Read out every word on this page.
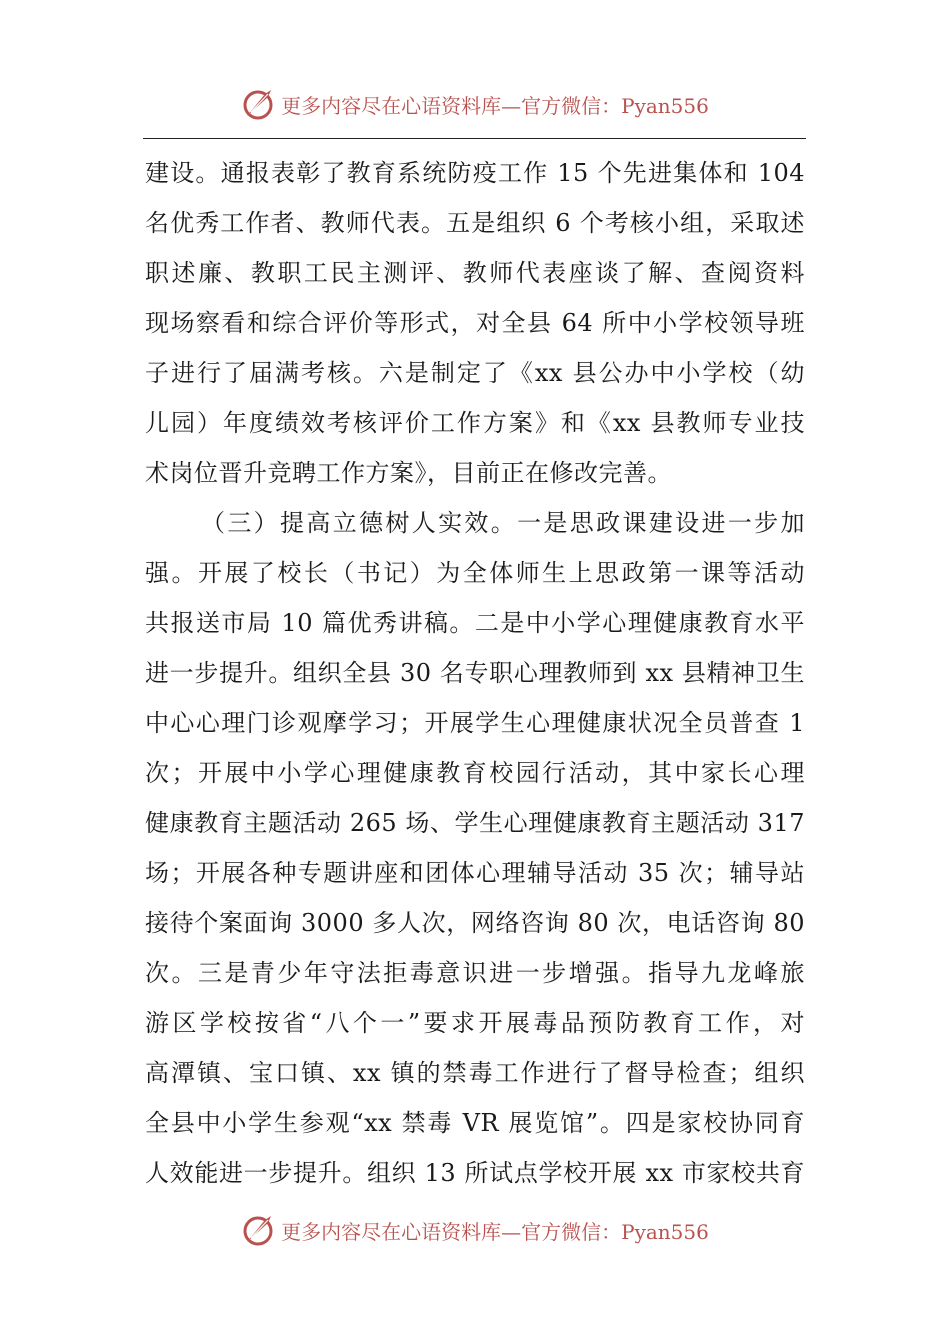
更多内容尽在心语资料库—官方微信：Pyan556
建设。通报表彰了教育系统防疫工作 15 个先进集体和 104
名优秀工作者、教师代表。五是组织 6 个考核小组，采取述
职述廉、教职工民主测评、教师代表座谈了解、查阅资料
现场察看和综合评价等形式，对全县 64 所中小学校领导班
子进行了届满考核。六是制定了《xx 县公办中小学校（幼
儿园）年度绩效考核评价工作方案》和《xx 县教师专业技
术岗位晋升竞聘工作方案》，目前正在修改完善。
（三）提高立德树人实效。一是思政课建设进一步加
强。开展了校长（书记）为全体师生上思政第一课等活动
共报送市局 10 篇优秀讲稿。二是中小学心理健康教育水平
进一步提升。组织全县 30 名专职心理教师到 xx 县精神卫生
中心心理门诊观摩学习；开展学生心理健康状况全员普查 1
次；开展中小学心理健康教育校园行活动，其中家长心理
健康教育主题活动 265 场、学生心理健康教育主题活动 317
场；开展各种专题讲座和团体心理辅导活动 35 次；辅导站
接待个案面询 3000 多人次，网络咨询 80 次，电话咨询 80
次。三是青少年守法拒毒意识进一步增强。指导九龙峰旅
游区学校按省“八个一”要求开展毒品预防教育工作，对
高潭镇、宝口镇、xx 镇的禁毒工作进行了督导检查；组织
全县中小学生参观“xx 禁毒 VR 展览馆”。四是家校协同育
人效能进一步提升。组织 13 所试点学校开展 xx 市家校共育
更多内容尽在心语资料库—官方微信：Pyan556
